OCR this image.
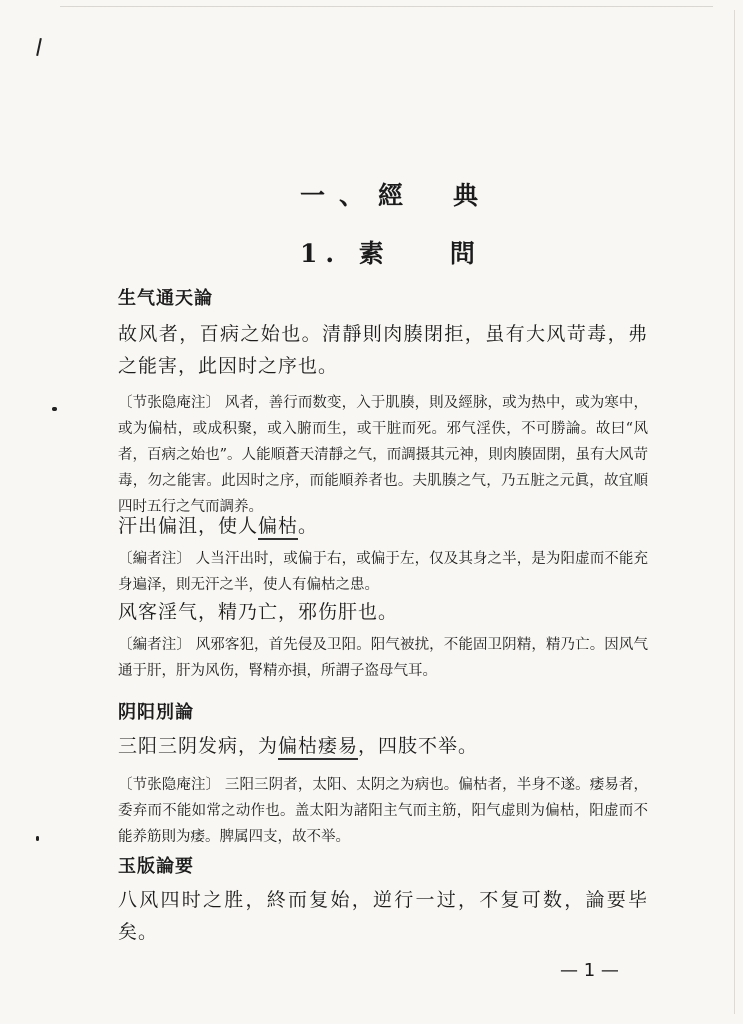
一、經 典
1. 素 問
生气通天論
故风者，百病之始也。清靜則肉腠閉拒，虽有大风苛毒，弗之能害，此因时之序也。
〔节张隐庵注〕 风者，善行而数变，入于肌腠，則及經脉，或为热中，或为寒中，或为偏枯，或成积聚，或入腑而生，或干脏而死。邪气淫佚，不可勝論。故曰“风者，百病之始也”。人能順蒼天清靜之气，而調摄其元神，則肉腠固閉，虽有大风苛毒，勿之能害。此因时之序，而能順养者也。夫肌腠之气，乃五脏之元眞，故宜順四时五行之气而調养。
汗出偏沮，使人偏枯。
〔編者注〕 人当汗出时，或偏于右，或偏于左，仅及其身之半，是为阳虚而不能充身遍泽，則无汗之半，使人有偏枯之患。
风客淫气，精乃亡，邪伤肝也。
〔編者注〕 风邪客犯，首先侵及卫阳。阳气被扰，不能固卫阴精，精乃亡。因风气通于肝，肝为风伤，腎精亦損，所謂子盗母气耳。
阴阳別論
三阳三阴发病，为偏枯痿易，四肢不举。
〔节张隐庵注〕 三阳三阴者，太阳、太阴之为病也。偏枯者，半身不遂。痿易者，委弃而不能如常之动作也。盖太阳为諸阳主气而主筋，阳气虚則为偏枯，阳虚而不能养筋則为痿。脾属四支，故不举。
玉版論要
八风四时之胜，終而复始，逆行一过，不复可数，論要毕矣。
— 1 —
